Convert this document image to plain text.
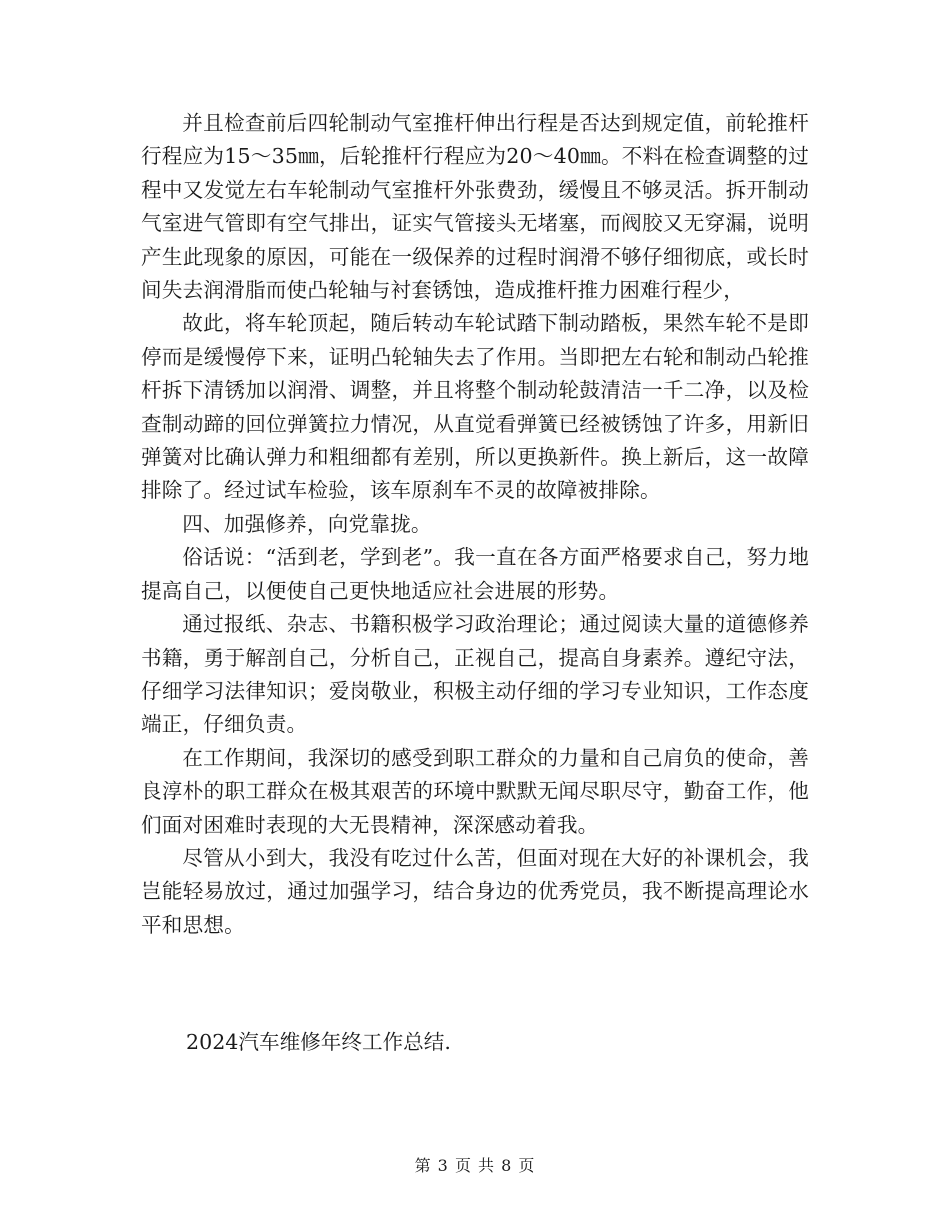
并且检查前后四轮制动气室推杆伸出行程是否达到规定值，前轮推杆行程应为15～35㎜，后轮推杆行程应为20～40㎜。不料在检查调整的过程中又发觉左右车轮制动气室推杆外张费劲，缓慢且不够灵活。拆开制动气室进气管即有空气排出，证实气管接头无堵塞，而阀胶又无穿漏，说明产生此现象的原因，可能在一级保养的过程时润滑不够仔细彻底，或长时间失去润滑脂而使凸轮轴与衬套锈蚀，造成推杆推力困难行程少，

故此，将车轮顶起，随后转动车轮试踏下制动踏板，果然车轮不是即停而是缓慢停下来，证明凸轮轴失去了作用。当即把左右轮和制动凸轮推杆拆下清锈加以润滑、调整，并且将整个制动轮鼓清洁一千二净，以及检查制动蹄的回位弹簧拉力情况，从直觉看弹簧已经被锈蚀了许多，用新旧弹簧对比确认弹力和粗细都有差别，所以更换新件。换上新后，这一故障排除了。经过试车检验，该车原刹车不灵的故障被排除。

四、加强修养，向党靠拢。

俗话说：“活到老，学到老”。我一直在各方面严格要求自己，努力地提高自己，以便使自己更快地适应社会进展的形势。

通过报纸、杂志、书籍积极学习政治理论；通过阅读大量的道德修养书籍，勇于解剖自己，分析自己，正视自己，提高自身素养。遵纪守法，仔细学习法律知识；爱岗敬业，积极主动仔细的学习专业知识，工作态度端正，仔细负责。

在工作期间，我深切的感受到职工群众的力量和自己肩负的使命，善良淳朴的职工群众在极其艰苦的环境中默默无闻尽职尽守，勤奋工作，他们面对困难时表现的大无畏精神，深深感动着我。

尽管从小到大，我没有吃过什么苦，但面对现在大好的补课机会，我岂能轻易放过，通过加强学习，结合身边的优秀党员，我不断提高理论水平和思想。

2024汽车维修年终工作总结.

第 3 页 共 8 页
